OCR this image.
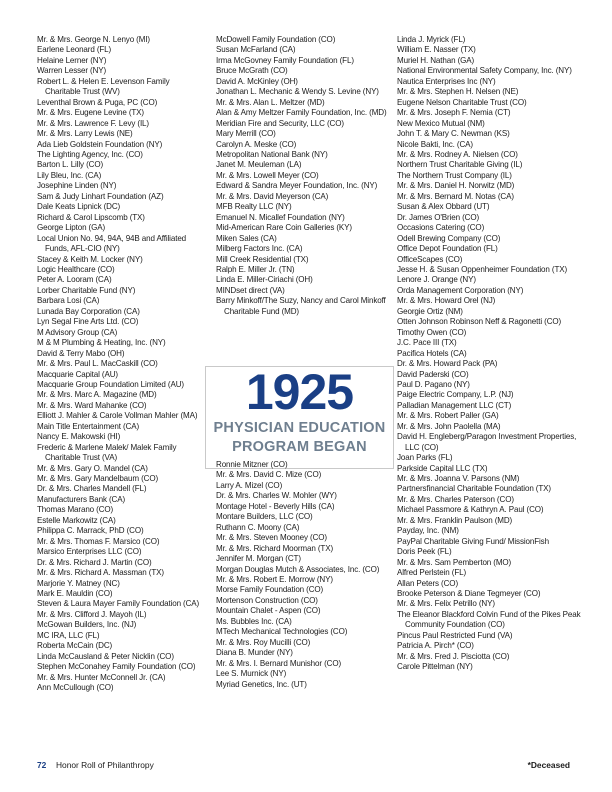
Mr. & Mrs. George N. Lenyo (MI)
Earlene Leonard (FL)
Helaine Lerner (NY)
Warren Lesser (NY)
Robert L. & Helen E. Levenson Family Charitable Trust (WV)
Leventhal Brown & Puga, PC (CO)
Mr. & Mrs. Eugene Levine (TX)
Mr. & Mrs. Lawrence F. Levy (IL)
Mr. & Mrs. Larry Lewis (NE)
Ada Lieb Goldstein Foundation (NY)
The Lighting Agency, Inc. (CO)
Barton L. Lilly (CO)
Lily Bleu, Inc. (CA)
Josephine Linden (NY)
Sam & Judy Linhart Foundation (AZ)
Dale Keats Lipnick (DC)
Richard & Carol Lipscomb (TX)
George Lipton (GA)
Local Union No. 94, 94A, 94B and Affiliated Funds, AFL-CIO (NY)
Stacey & Keith M. Locker (NY)
Logic Healthcare (CO)
Peter A. Looram (CA)
Lorber Charitable Fund (NY)
Barbara Losi (CA)
Lunada Bay Corporation (CA)
Lyn Segal Fine Arts Ltd. (CO)
M Advisory Group (CA)
M & M Plumbing & Heating, Inc. (NY)
David & Terry Mabo (OH)
Mr. & Mrs. Paul L. MacCaskill (CO)
Macquarie Capital (AU)
Macquarie Group Foundation Limited (AU)
Mr. & Mrs. Marc A. Magazine (MD)
Mr. & Mrs. Ward Mahanke (CO)
Elliott J. Mahler & Carole Vollman Mahler (MA)
Main Title Entertainment (CA)
Nancy E. Makowski (HI)
Frederic & Marlene Malek/ Malek Family Charitable Trust (VA)
Mr. & Mrs. Gary O. Mandel (CA)
Mr. & Mrs. Gary Mandelbaum (CO)
Dr. & Mrs. Charles Mandell (FL)
Manufacturers Bank (CA)
Thomas Marano (CO)
Estelle Markowitz (CA)
Philippa C. Marrack, PhD (CO)
Mr. & Mrs. Thomas F. Marsico (CO)
Marsico Enterprises LLC (CO)
Dr. & Mrs. Richard J. Martin (CO)
Mr. & Mrs. Richard A. Massman (TX)
Marjorie Y. Matney (NC)
Mark E. Mauldin (CO)
Steven & Laura Mayer Family Foundation (CA)
Mr. & Mrs. Clifford J. Mayoh (IL)
McGowan Builders, Inc. (NJ)
MC IRA, LLC (FL)
Roberta McCain (DC)
Linda McCausland & Peter Nicklin (CO)
Stephen McConahey Family Foundation (CO)
Mr. & Mrs. Hunter McConnell Jr. (CA)
Ann McCullough (CO)
McDowell Family Foundation (CO)
Susan McFarland (CA)
Irma McGovney Family Foundation (FL)
Bruce McGrath (CO)
David A. McKinley (OH)
Jonathan L. Mechanic & Wendy S. Levine (NY)
Mr. & Mrs. Alan L. Meltzer (MD)
Alan & Amy Meltzer Family Foundation, Inc. (MD)
Meridian Fire and Security, LLC (CO)
Mary Merrill (CO)
Carolyn A. Meske (CO)
Metropolitan National Bank (NY)
Janet M. Meuleman (LA)
Mr. & Mrs. Lowell Meyer (CO)
Edward & Sandra Meyer Foundation, Inc. (NY)
Mr. & Mrs. David Meyerson (CA)
MFB Realty LLC (NY)
Emanuel N. Micallef Foundation (NY)
Mid-American Rare Coin Galleries (KY)
Miken Sales (CA)
Milberg Factors Inc. (CA)
Mill Creek Residential (TX)
Ralph E. Miller Jr. (TN)
Linda E. Miller-Ciriachi (OH)
MINDset direct (VA)
Barry Minkoff/The Suzy, Nancy and Carol Minkoff Charitable Fund (MD)
1925
PHYSICIAN EDUCATION
PROGRAM BEGAN
Ronnie Mitzner (CO)
Mr. & Mrs. David C. Mize (CO)
Larry A. Mizel (CO)
Dr. & Mrs. Charles W. Mohler (WY)
Montage Hotel - Beverly Hills (CA)
Montare Builders, LLC (CO)
Ruthann C. Moony (CA)
Mr. & Mrs. Steven Mooney (CO)
Mr. & Mrs. Richard Moorman (TX)
Jennifer M. Morgan (CT)
Morgan Douglas Mutch & Associates, Inc. (CO)
Mr. & Mrs. Robert E. Morrow (NY)
Morse Family Foundation (CO)
Mortenson Construction (CO)
Mountain Chalet - Aspen (CO)
Ms. Bubbles Inc. (CA)
MTech Mechanical Technologies (CO)
Mr. & Mrs. Roy Mucilli (CO)
Diana B. Munder (NY)
Mr. & Mrs. I. Bernard Munishor (CO)
Lee S. Murnick (NY)
Myriad Genetics, Inc. (UT)
Linda J. Myrick (FL)
William E. Nasser (TX)
Muriel H. Nathan (GA)
National Environmental Safety Company, Inc. (NY)
Nautica Enterprises Inc (NY)
Mr. & Mrs. Stephen H. Nelsen (NE)
Eugene Nelson Charitable Trust (CO)
Mr. & Mrs. Joseph F. Nemia (CT)
New Mexico Mutual (NM)
John T. & Mary C. Newman (KS)
Nicole Bakti, Inc. (CA)
Mr. & Mrs. Rodney A. Nielsen (CO)
Northern Trust Charitable Giving (IL)
The Northern Trust Company (IL)
Mr. & Mrs. Daniel H. Norwitz (MD)
Mr. & Mrs. Bernard M. Notas (CA)
Susan & Alex Obbard (UT)
Dr. James O'Brien (CO)
Occasions Catering (CO)
Odell Brewing Company (CO)
Office Depot Foundation (FL)
OfficeScapes (CO)
Jesse H. & Susan Oppenheimer Foundation (TX)
Lenore J. Orange (NY)
Orda Management Corporation (NY)
Mr. & Mrs. Howard Orel (NJ)
Georgie Ortiz (NM)
Otten Johnson Robinson Neff & Ragonetti (CO)
Timothy Owen (CO)
J.C. Pace III (TX)
Pacifica Hotels (CA)
Dr. & Mrs. Howard Pack (PA)
David Paderski (CO)
Paul D. Pagano (NY)
Paige Electric Company, L.P. (NJ)
Palladian Management LLC (CT)
Mr. & Mrs. Robert Paller (GA)
Mr. & Mrs. John Paolella (MA)
David H. Engleberg/Paragon Investment Properties, LLC (CO)
Joan Parks (FL)
Parkside Capital LLC (TX)
Mr. & Mrs. Joanna V. Parsons (NM)
Partnersfinancial Charitable Foundation (TX)
Mr. & Mrs. Charles Paterson (CO)
Michael Passmore & Kathryn A. Paul (CO)
Mr. & Mrs. Franklin Paulson (MD)
Payday, Inc. (NM)
PayPal Charitable Giving Fund/ MissionFish
Doris Peek (FL)
Mr. & Mrs. Sam Pemberton (MO)
Alfred Perlstein (FL)
Allan Peters (CO)
Brooke Peterson & Diane Tegmeyer (CO)
Mr. & Mrs. Felix Petrillo (NY)
The Eleanor Blackford Colvin Fund of the Pikes Peak Community Foundation (CO)
Pincus Paul Restricted Fund (VA)
Patricia A. Pirch* (CO)
Mr. & Mrs. Fred J. Pisciotta (CO)
Carole Pittelman (NY)
72 Honor Roll of Philanthropy	*Deceased
